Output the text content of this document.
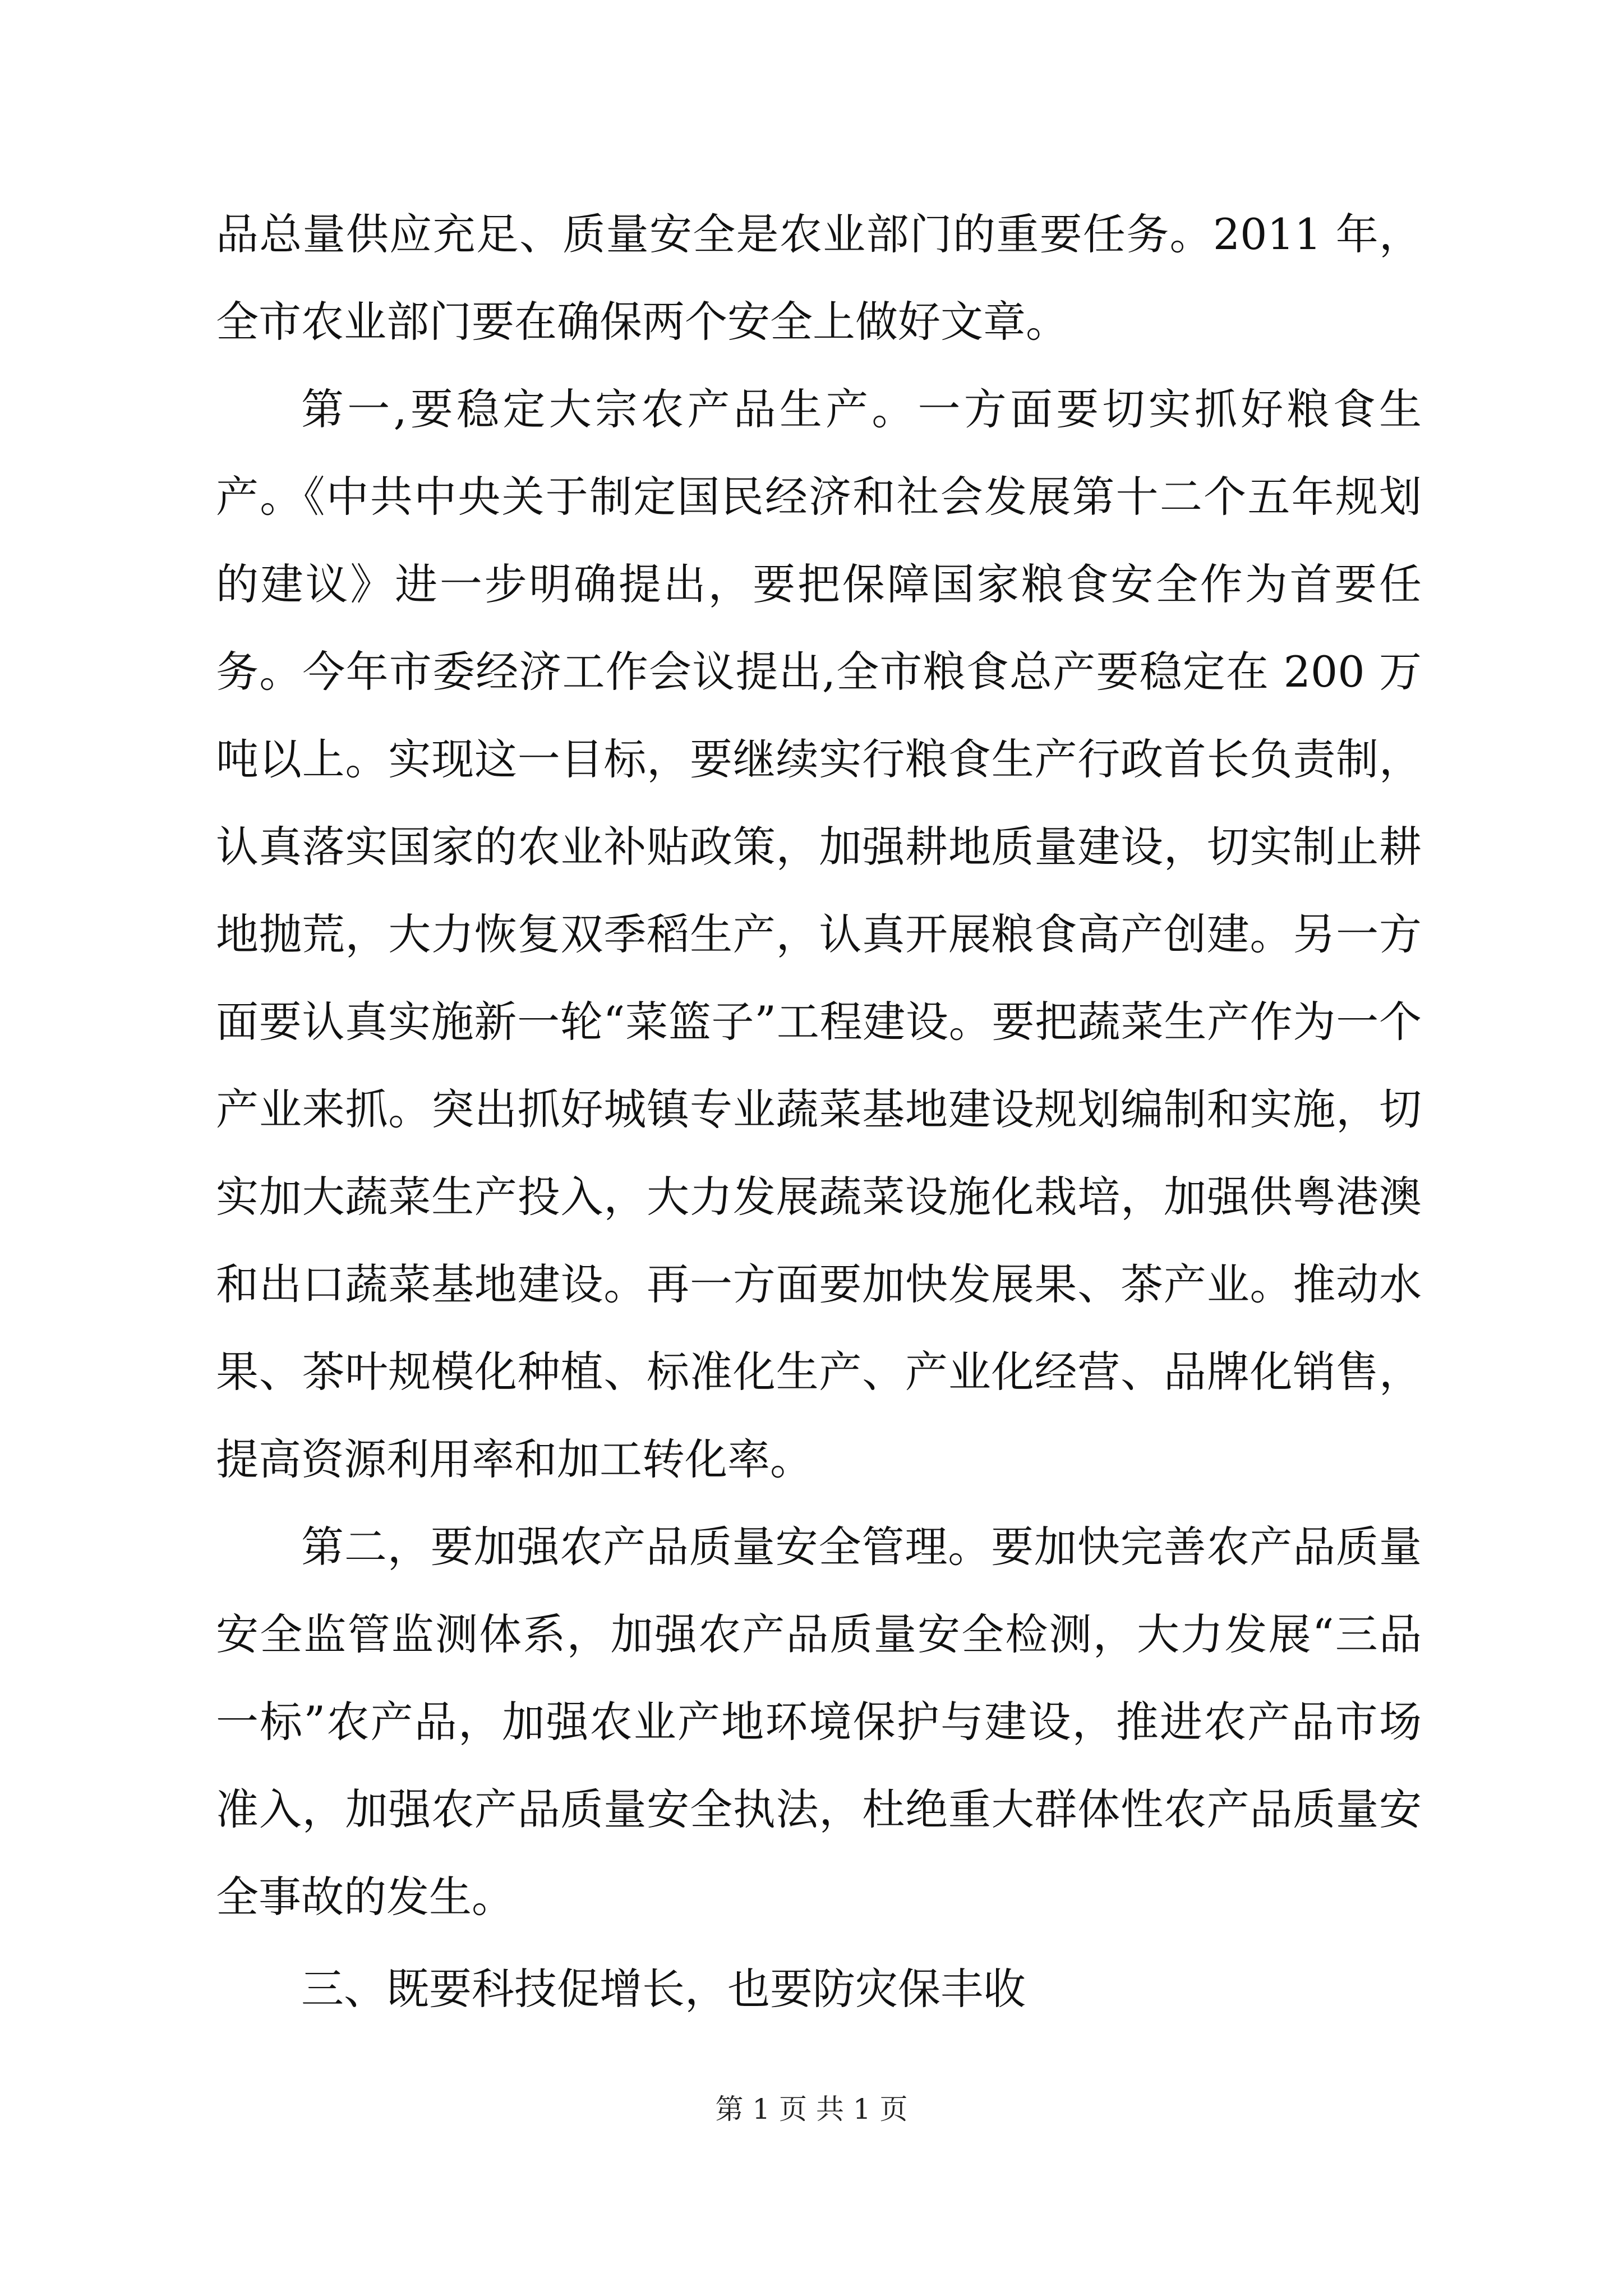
品总量供应充足、质量安全是农业部门的重要任务。2011 年，全市农业部门要在确保两个安全上做好文章。

第一,要稳定大宗农产品生产。一方面要切实抓好粮食生产。《中共中央关于制定国民经济和社会发展第十二个五年规划的建议》进一步明确提出，要把保障国家粮食安全作为首要任务。今年市委经济工作会议提出,全市粮食总产要稳定在 200 万吨以上。实现这一目标，要继续实行粮食生产行政首长负责制，认真落实国家的农业补贴政策，加强耕地质量建设，切实制止耕地抛荒，大力恢复双季稻生产，认真开展粮食高产创建。另一方面要认真实施新一轮“菜篮子”工程建设。要把蔬菜生产作为一个产业来抓。突出抓好城镇专业蔬菜基地建设规划编制和实施，切实加大蔬菜生产投入，大力发展蔬菜设施化栽培，加强供粤港澳和出口蔬菜基地建设。再一方面要加快发展果、茶产业。推动水果、茶叶规模化种植、标准化生产、产业化经营、品牌化销售，提高资源利用率和加工转化率。

第二，要加强农产品质量安全管理。要加快完善农产品质量安全监管监测体系，加强农产品质量安全检测，大力发展“三品一标”农产品，加强农业产地环境保护与建设，推进农产品市场准入，加强农产品质量安全执法，杜绝重大群体性农产品质量安全事故的发生。

三、既要科技促增长，也要防灾保丰收

第 1 页 共 1 页
